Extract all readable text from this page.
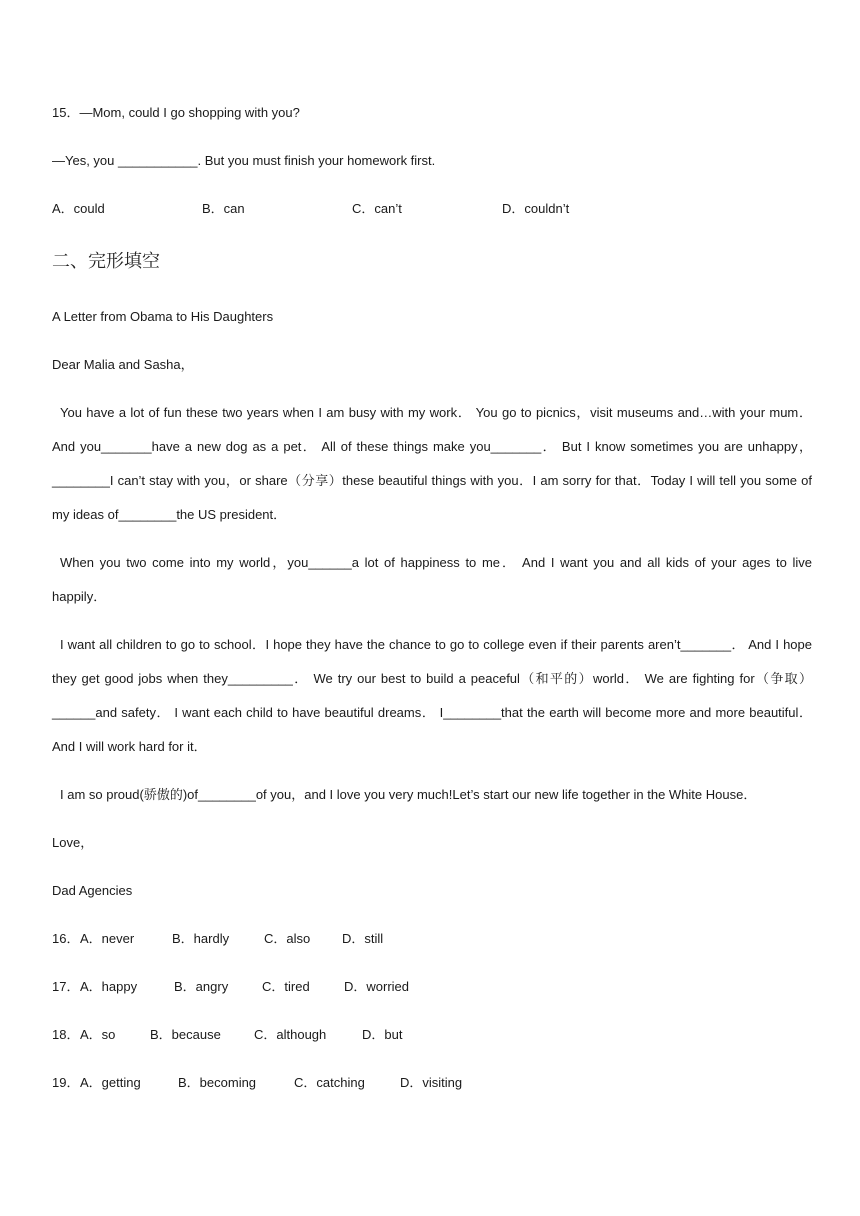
15．—Mom, could I go shopping with you?
—Yes, you ___________. But you must finish your homework first.
A．could	B．can	C．can’t	D．couldn’t
二、完形填空
A Letter from Obama to His Daughters
Dear Malia and Sasha，
You have a lot of fun these two years when I am busy with my work． You go to picnics，visit museums and…with your mum． And you_______have a new dog as a pet． All of these things make you_______． But I know sometimes you are unhappy，________I can’t stay with you，or share（分享）these beautiful things with you．I am sorry for that．Today I will tell you some of my ideas of________the US president．
When you two come into my world，you______a lot of happiness to me． And I want you and all kids of your ages to live happily．
I want all children to go to school．I hope they have the chance to go to college even if their parents aren’t_______． And I hope they get good jobs when they_________． We try our best to build a peaceful（和平的）world． We are fighting for（争取）______and safety． I want each child to have beautiful dreams． I________that the earth will become more and more beautiful． And I will work hard for it．
I am so proud(骄傲的)of________of you，and I love you very much!Let’s start our new life together in the White House．
Love，
Dad Agencies
16．A．never	B．hardly	C．also D．still
17．A．happy	B．angry	C．tired	D．worried
18．A．so	B．because	C．although	D．but
19．A．getting	B．becoming	C．catching	D．visiting
